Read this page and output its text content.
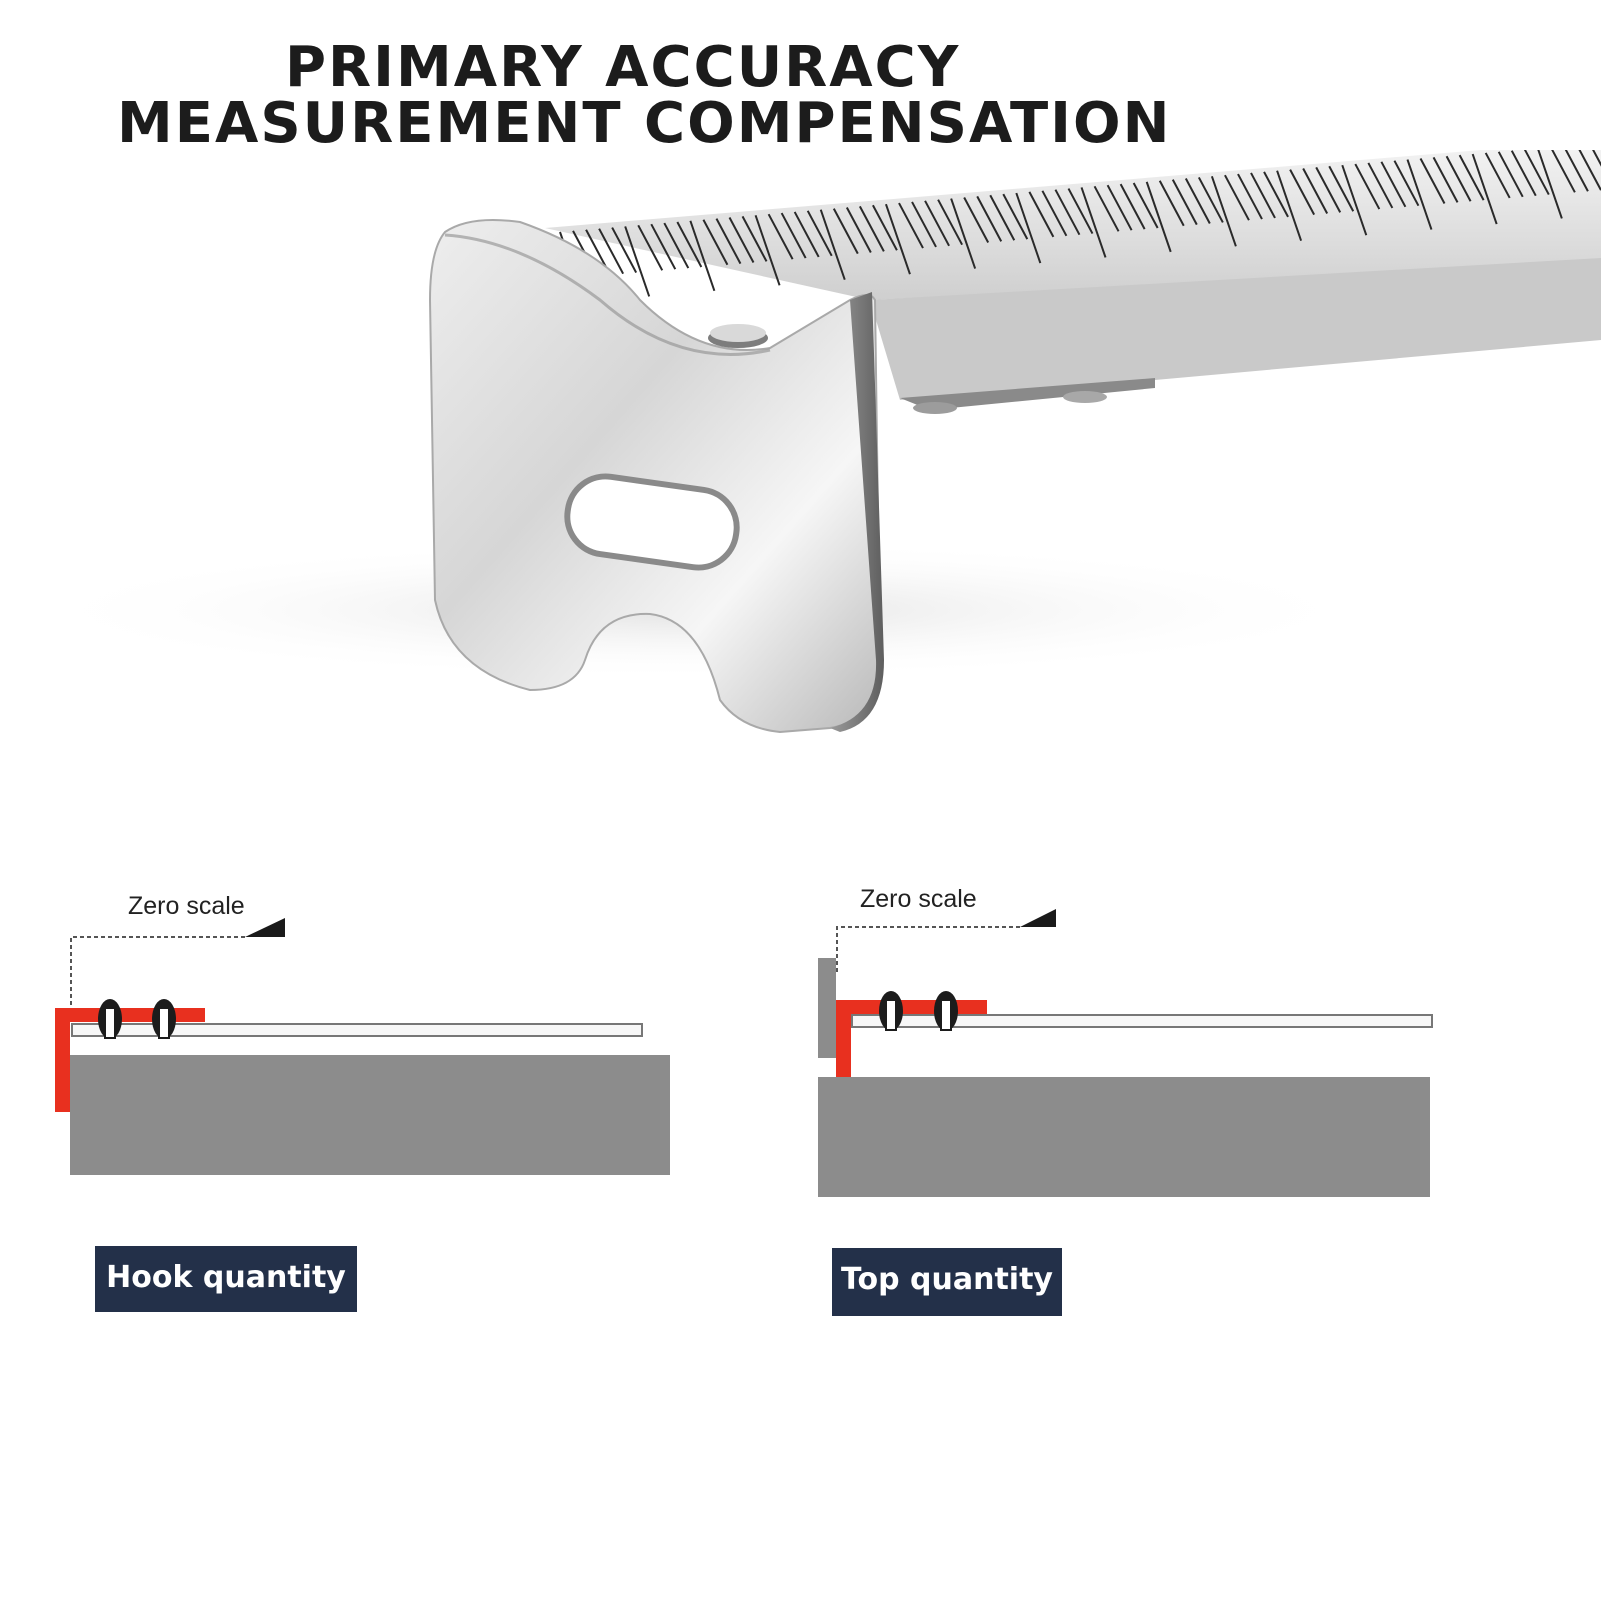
PRIMARY ACCURACY
MEASUREMENT COMPENSATION
Zero scale
Hook quantity
Zero scale
Top quantity
